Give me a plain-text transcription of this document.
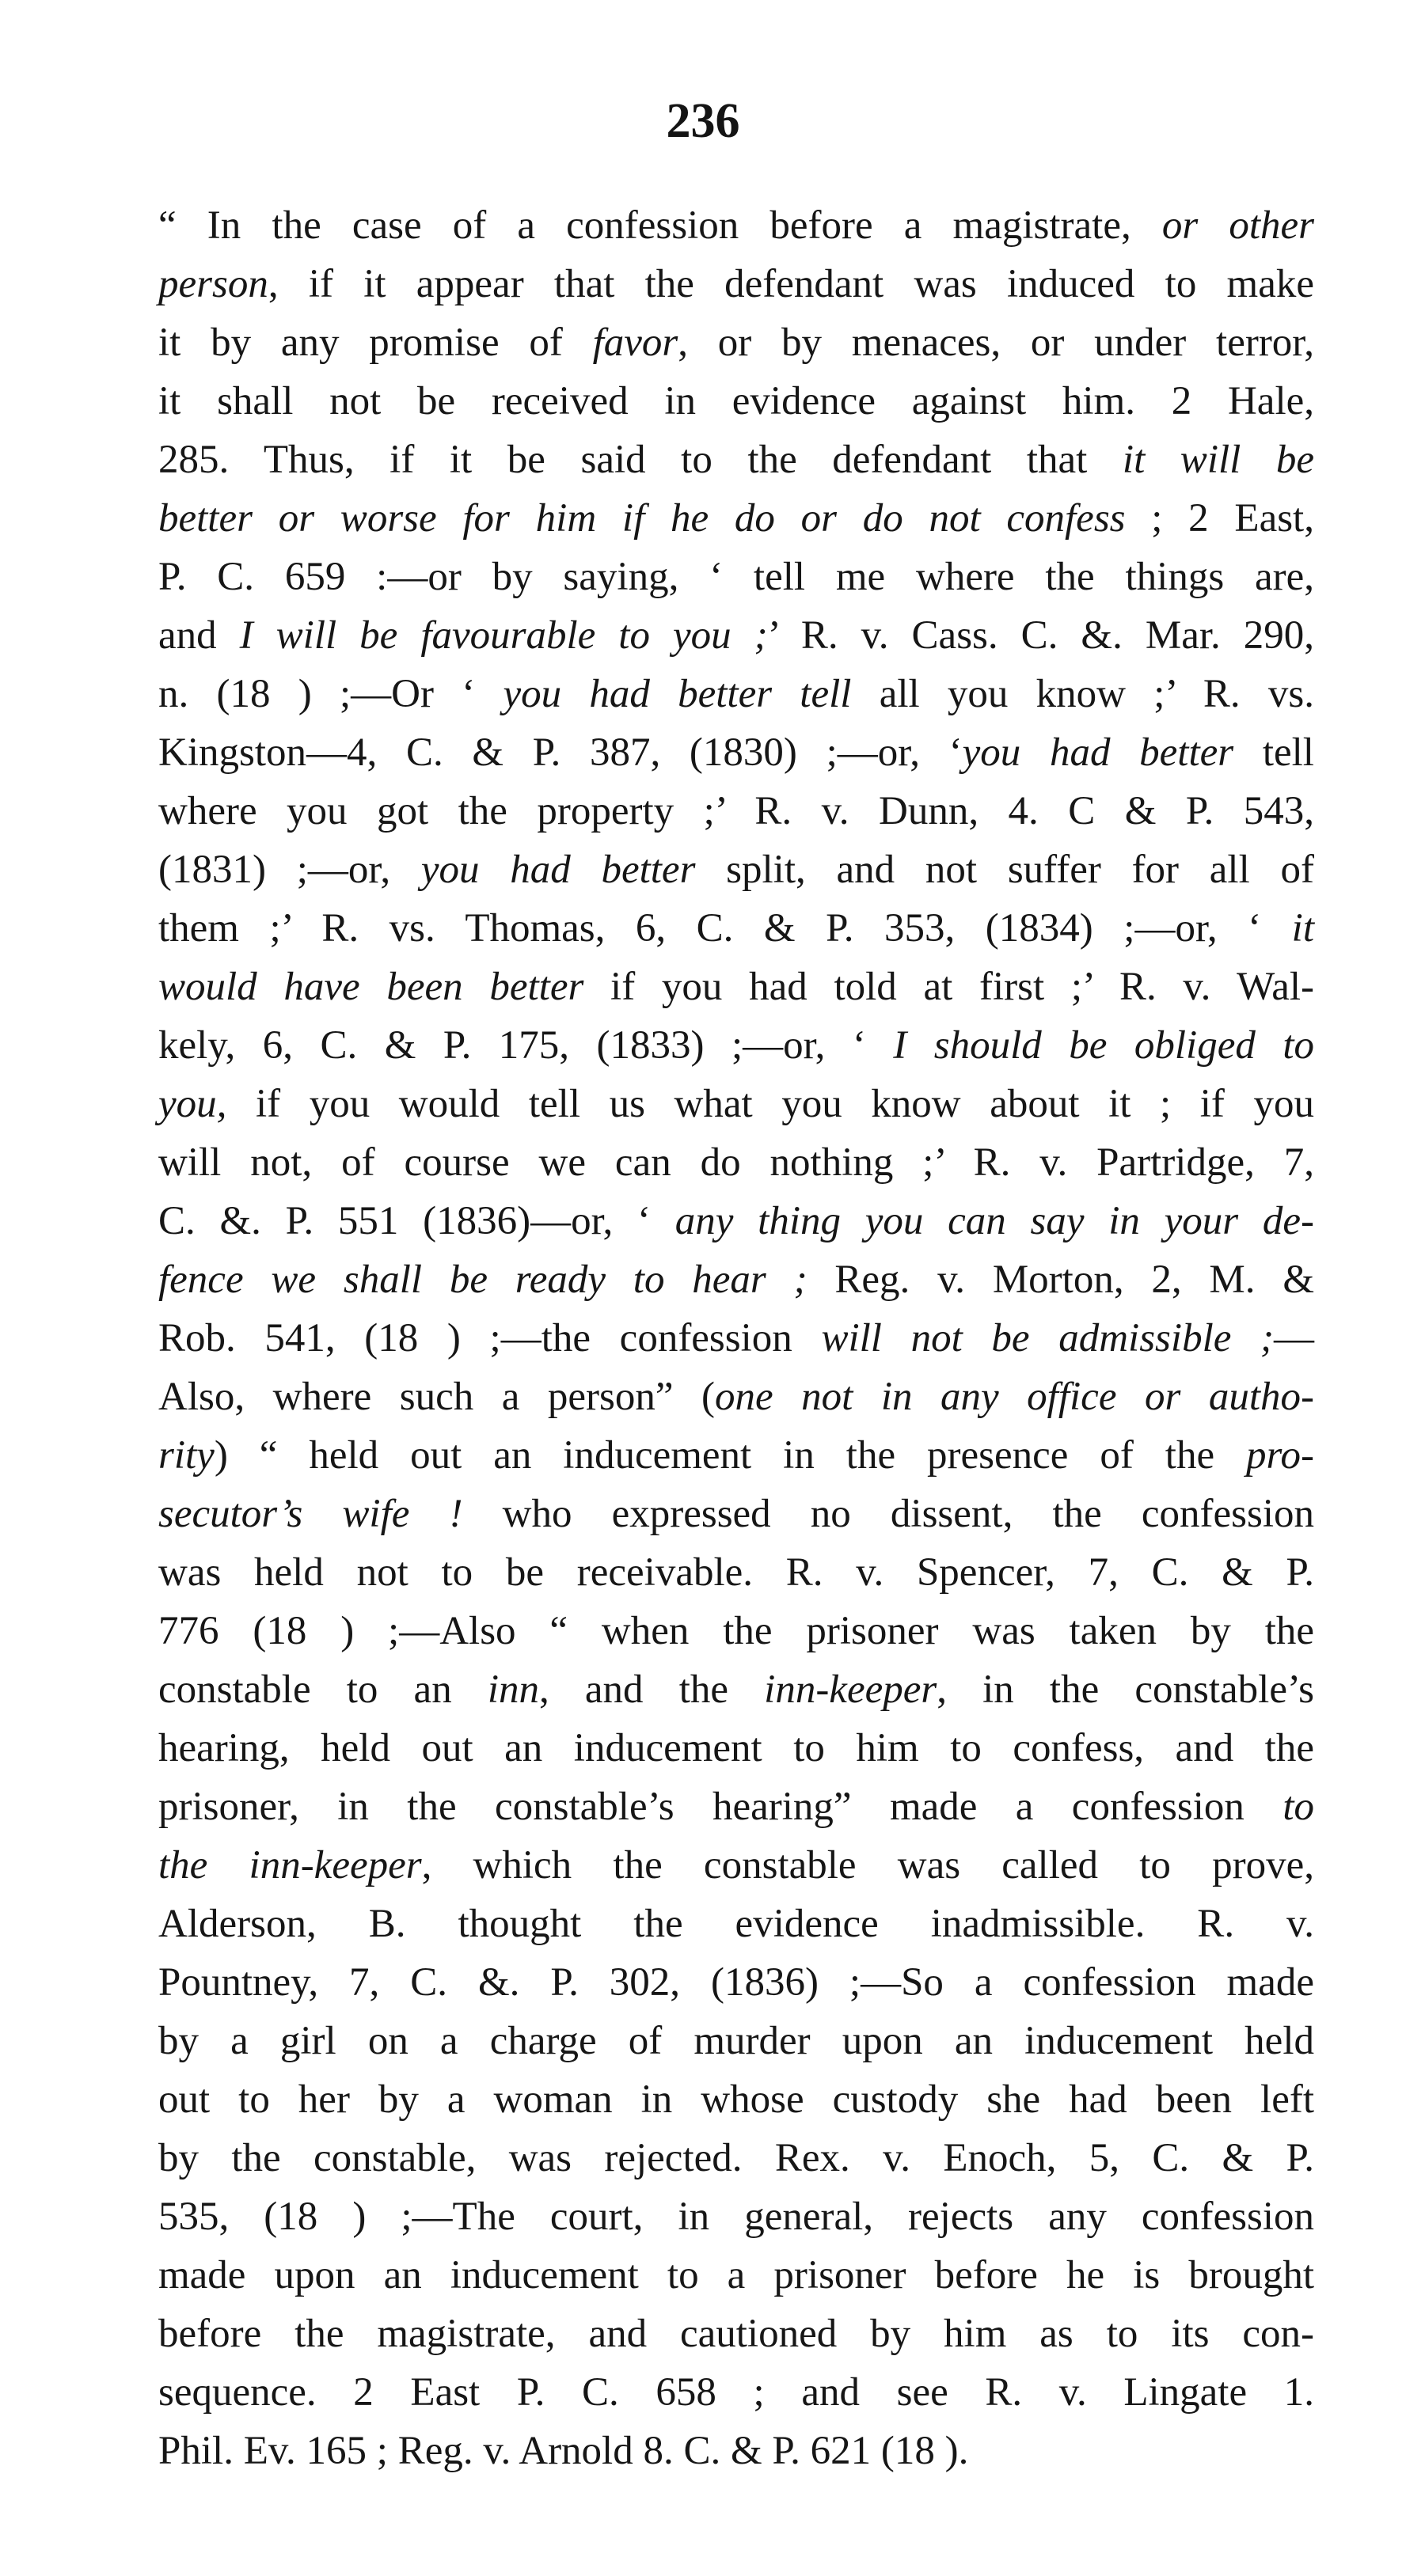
236
“ In the case of a confession before a magistrate, or other
person, if it appear that the defendant was induced to make
it by any promise of favor, or by menaces, or under terror,
it shall not be received in evidence against him. 2 Hale,
285. Thus, if it be said to the defendant that it will be
better or worse for him if he do or do not confess ; 2 East,
P. C. 659 :—or by saying, ‘ tell me where the things are,
and I will be favourable to you ;’ R. v. Cass. C. &. Mar. 290,
n. (18 ) ;—Or ‘ you had better tell all you know ;’ R. vs.
Kingston—4, C. & P. 387, (1830) ;—or, ‘you had better tell
where you got the property ;’ R. v. Dunn, 4. C & P. 543,
(1831) ;—or, you had better split, and not suffer for all of
them ;’ R. vs. Thomas, 6, C. & P. 353, (1834) ;—or, ‘ it
would have been better if you had told at first ;’ R. v. Wal-
kely, 6, C. & P. 175, (1833) ;—or, ‘ I should be obliged to
you, if you would tell us what you know about it ; if you
will not, of course we can do nothing ;’ R. v. Partridge, 7,
C. &. P. 551 (1836)—or, ‘ any thing you can say in your de-
fence we shall be ready to hear ; Reg. v. Morton, 2, M. &
Rob. 541, (18 ) ;—the confession will not be admissible ;—
Also, where such a person” (one not in any office or autho-
rity) “ held out an inducement in the presence of the pro-
secutor’s wife ! who expressed no dissent, the confession
was held not to be receivable. R. v. Spencer, 7, C. & P.
776 (18 ) ;—Also “ when the prisoner was taken by the
constable to an inn, and the inn-keeper, in the constable’s
hearing, held out an inducement to him to confess, and the
prisoner, in the constable’s hearing” made a confession to
the inn-keeper, which the constable was called to prove,
Alderson, B. thought the evidence inadmissible. R. v.
Pountney, 7, C. &. P. 302, (1836) ;—So a confession made
by a girl on a charge of murder upon an inducement held
out to her by a woman in whose custody she had been left
by the constable, was rejected. Rex. v. Enoch, 5, C. & P.
535, (18 ) ;—The court, in general, rejects any confession
made upon an inducement to a prisoner before he is brought
before the magistrate, and cautioned by him as to its con-
sequence. 2 East P. C. 658 ; and see R. v. Lingate 1.
Phil. Ev. 165 ; Reg. v. Arnold 8. C. & P. 621 (18 ).
